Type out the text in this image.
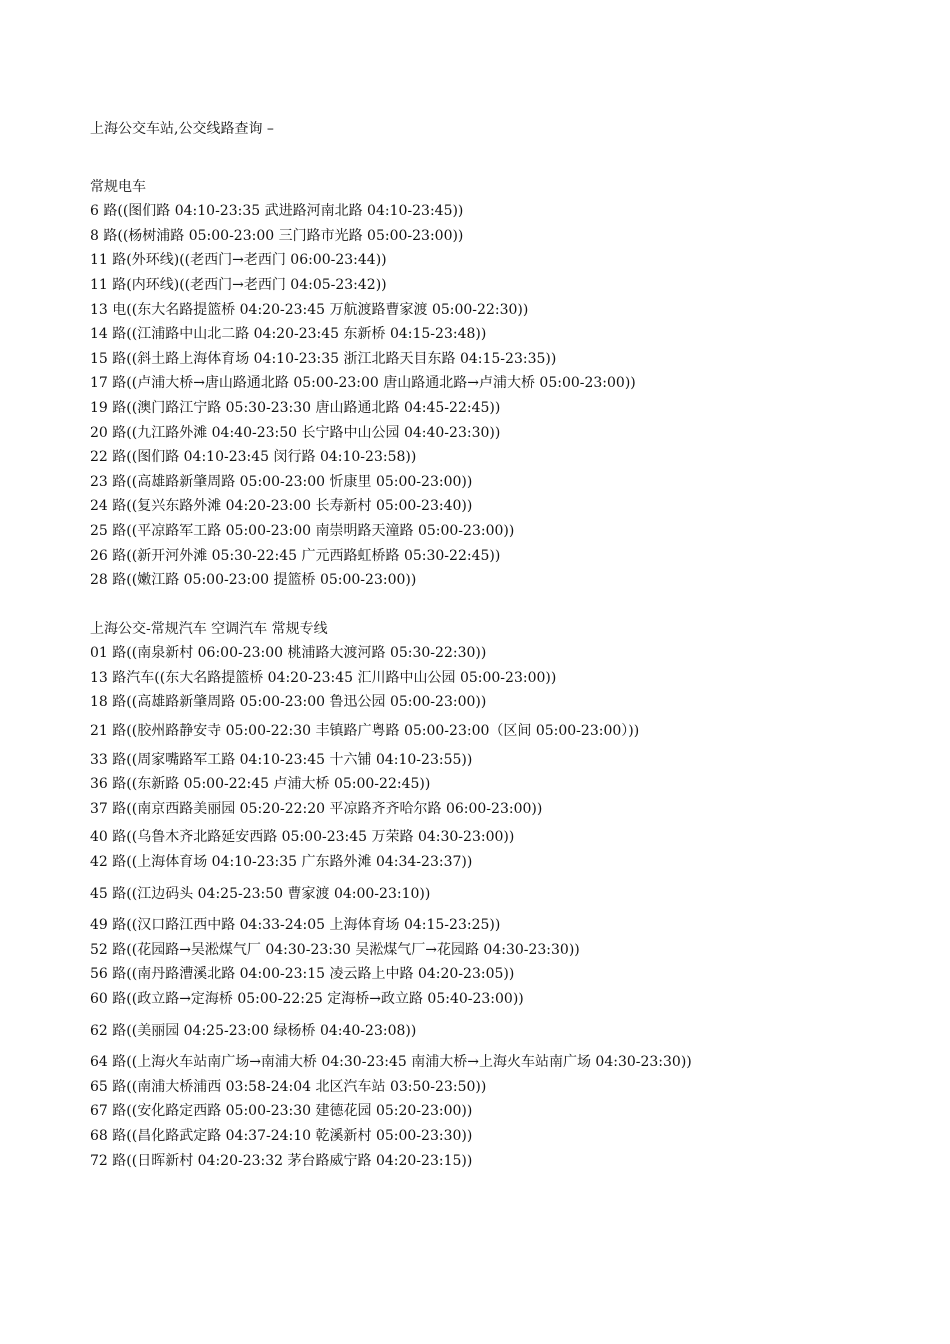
上海公交车站,公交线路查询 –
常规电车
6 路((图们路 04:10-23:35 武进路河南北路 04:10-23:45))
8 路((杨树浦路 05:00-23:00 三门路市光路 05:00-23:00))
11 路(外环线)((老西门→老西门 06:00-23:44))
11 路(内环线)((老西门→老西门 04:05-23:42))
13 电((东大名路提篮桥 04:20-23:45 万航渡路曹家渡 05:00-22:30))
14 路((江浦路中山北二路 04:20-23:45 东新桥 04:15-23:48))
15 路((斜土路上海体育场 04:10-23:35 浙江北路天目东路 04:15-23:35))
17 路((卢浦大桥→唐山路通北路 05:00-23:00 唐山路通北路→卢浦大桥 05:00-23:00))
19 路((澳门路江宁路 05:30-23:30 唐山路通北路 04:45-22:45))
20 路((九江路外滩 04:40-23:50 长宁路中山公园 04:40-23:30))
22 路((图们路 04:10-23:45 闵行路 04:10-23:58))
23 路((高雄路新肇周路 05:00-23:00 忻康里 05:00-23:00))
24 路((复兴东路外滩 04:20-23:00 长寿新村 05:00-23:40))
25 路((平凉路军工路 05:00-23:00 南崇明路天潼路 05:00-23:00))
26 路((新开河外滩 05:30-22:45 广元西路虹桥路 05:30-22:45))
28 路((嫩江路 05:00-23:00 提篮桥 05:00-23:00))
上海公交-常规汽车 空调汽车 常规专线
01 路((南泉新村 06:00-23:00 桃浦路大渡河路 05:30-22:30))
13 路汽车((东大名路提篮桥 04:20-23:45 汇川路中山公园 05:00-23:00))
18 路((高雄路新肇周路 05:00-23:00 鲁迅公园 05:00-23:00))
21 路((胶州路静安寺 05:00-22:30 丰镇路广粤路 05:00-23:00（区间 05:00-23:00）))
33 路((周家嘴路军工路 04:10-23:45 十六铺 04:10-23:55))
36 路((东新路 05:00-22:45 卢浦大桥 05:00-22:45))
37 路((南京西路美丽园 05:20-22:20 平凉路齐齐哈尔路 06:00-23:00))
40 路((乌鲁木齐北路延安西路 05:00-23:45 万荣路 04:30-23:00))
42 路((上海体育场 04:10-23:35 广东路外滩 04:34-23:37))
45 路((江边码头 04:25-23:50 曹家渡 04:00-23:10))
49 路((汉口路江西中路 04:33-24:05 上海体育场 04:15-23:25))
52 路((花园路→吴淞煤气厂 04:30-23:30 吴淞煤气厂→花园路 04:30-23:30))
56 路((南丹路漕溪北路 04:00-23:15 凌云路上中路 04:20-23:05))
60 路((政立路→定海桥 05:00-22:25 定海桥→政立路 05:40-23:00))
62 路((美丽园 04:25-23:00 绿杨桥 04:40-23:08))
64 路((上海火车站南广场→南浦大桥 04:30-23:45 南浦大桥→上海火车站南广场 04:30-23:30))
65 路((南浦大桥浦西 03:58-24:04 北区汽车站 03:50-23:50))
67 路((安化路定西路 05:00-23:30 建德花园 05:20-23:00))
68 路((昌化路武定路 04:37-24:10 乾溪新村 05:00-23:30))
72 路((日晖新村 04:20-23:32 茅台路威宁路 04:20-23:15))
